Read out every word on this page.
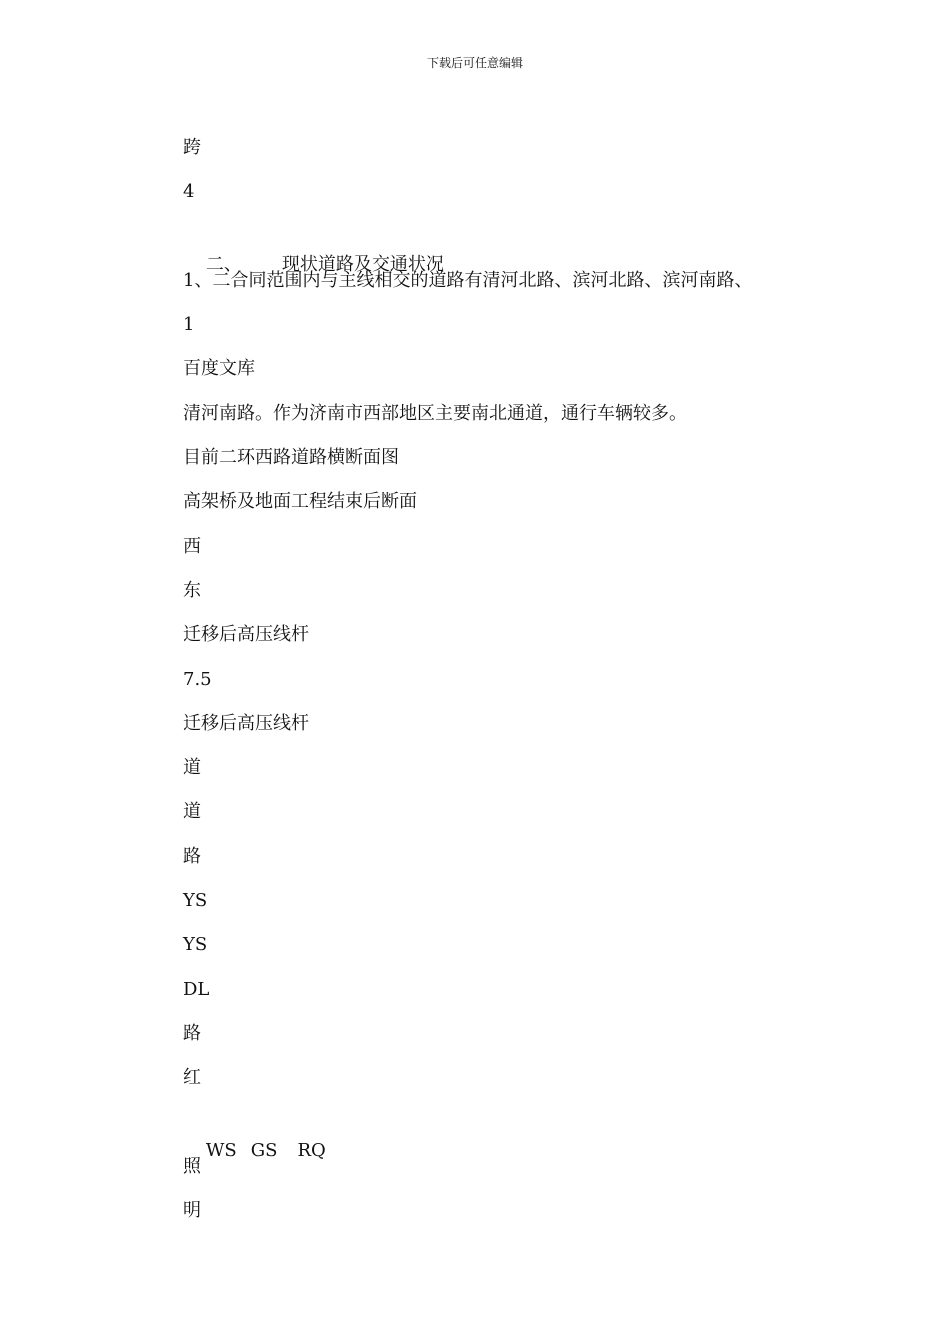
下载后可任意编辑
跨
4

二、 现状道路及交通状况

1、二合同范围内与主线相交的道路有清河北路、滨河北路、滨河南路、
1
百度文库
清河南路。作为济南市西部地区主要南北通道，通行车辆较多。
目前二环西路道路横断面图
高架桥及地面工程结束后断面
西
东
迁移后高压线杆
7.5
迁移后高压线杆
道
道
路
YS
YS
DL
路
红

WS GS RQ

照
明
